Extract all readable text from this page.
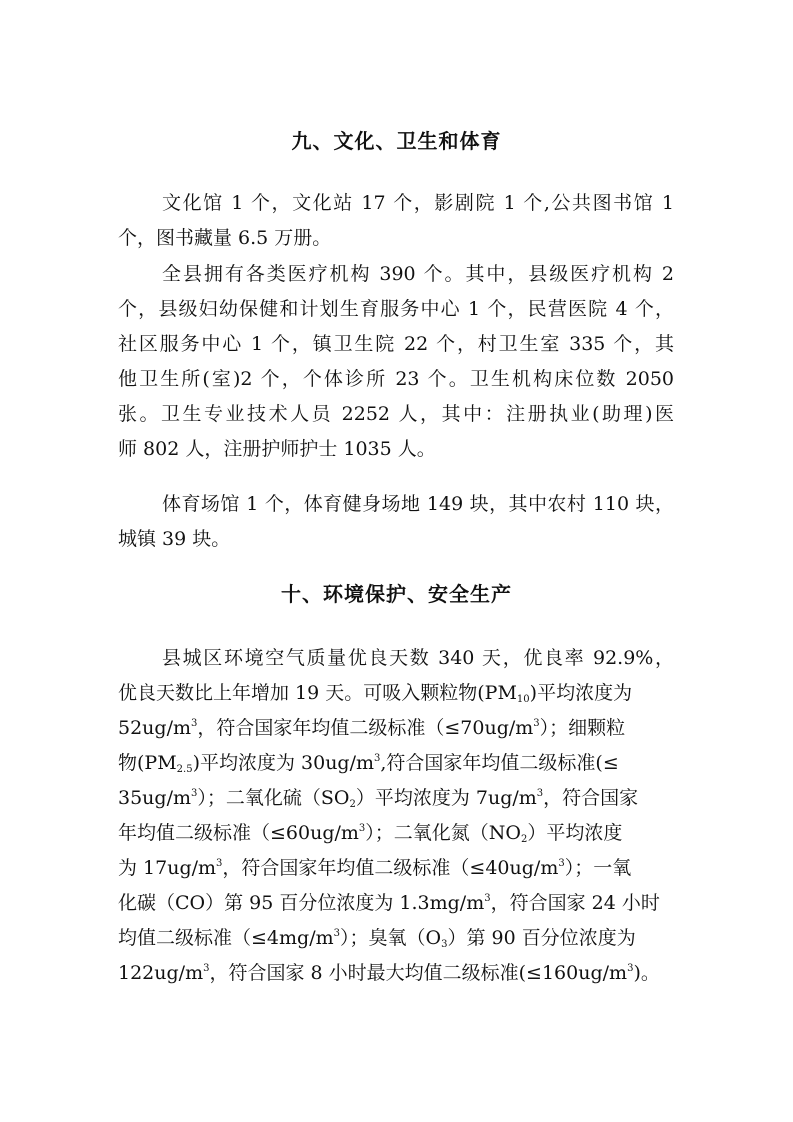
九、文化、卫生和体育
文化馆 1 个，文化站 17 个，影剧院 1 个,公共图书馆 1
个，图书藏量 6.5 万册。
全县拥有各类医疗机构 390 个。其中，县级医疗机构 2
个，县级妇幼保健和计划生育服务中心 1 个，民营医院 4 个，
社区服务中心 1 个，镇卫生院 22 个，村卫生室 335 个，其
他卫生所(室)2 个，个体诊所 23 个。卫生机构床位数 2050
张。卫生专业技术人员 2252 人，其中：注册执业(助理)医
师 802 人，注册护师护士 1035 人。
体育场馆 1 个，体育健身场地 149 块，其中农村 110 块，
城镇 39 块。
十、环境保护、安全生产
县城区环境空气质量优良天数 340 天，优良率 92.9%，
优良天数比上年增加 19 天。可吸入颗粒物$(PM_{10})$平均浓度为
$52ug/m^3$，符合国家年均值二级标准$(\le 70ug/m^3)$；细颗粒
物$(PM_{2.5})$平均浓度为 $30ug/m^3$,符合国家年均值二级标准(≤
$35ug/m^3$）；二氧化硫$(SO_2)$平均浓度为 $7ug/m^3$，符合国家
年均值二级标准$(\le 60ug/m^3)$；二氧化氮$(NO_2)$平均浓度
为 $17ug/m^3$，符合国家年均值二级标准$(\le 40ug/m^3)$；一氧
化碳（CO）第 95 百分位浓度为 $1.3mg/m^3$，符合国家 24 小时
均值二级标准$(\le 4mg/m^3)$；臭氧$(O_3)$第 90 百分位浓度为
$122ug/m^3$，符合国家 8 小时最大均值二级标准$(\le 160ug/m^3)$。
